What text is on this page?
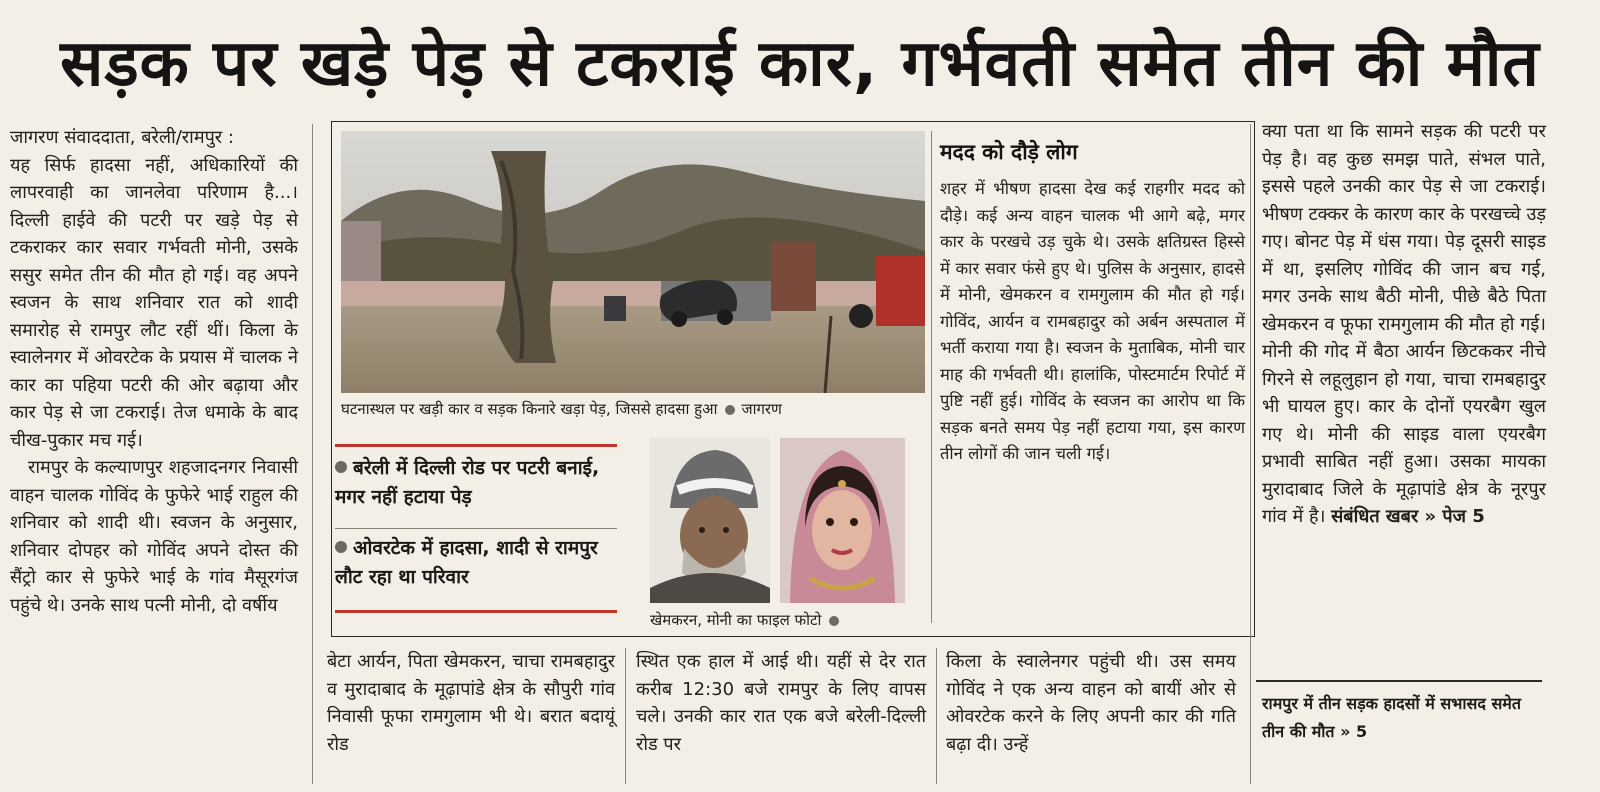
सड़क पर खड़े पेड़ से टकराई कार, गर्भवती समेत तीन की मौत

जागरण संवाददाता, बरेली/रामपुर :

यह सिर्फ हादसा नहीं, अधिकारियों की लापरवाही का जानलेवा परिणाम है...। दिल्ली हाईवे की पटरी पर खड़े पेड़ से टकराकर कार सवार गर्भवती मोनी, उसके ससुर समेत तीन की मौत हो गई। वह अपने स्वजन के साथ शनिवार रात को शादी समारोह से रामपुर लौट रहीं थीं। किला के स्वालेनगर में ओवरटेक के प्रयास में चालक ने कार का पहिया पटरी की ओर बढ़ाया और कार पेड़ से जा टकराई। तेज धमाके के बाद चीख-पुकार मच गई।

रामपुर के कल्याणपुर शहजादनगर निवासी वाहन चालक गोविंद के फुफेरे भाई राहुल की शनिवार को शादी थी। स्वजन के अनुसार, शनिवार दोपहर को गोविंद अपने दोस्त की सैंट्रो कार से फुफेरे भाई के गांव मैसूरगंज पहुंचे थे। उनके साथ पत्नी मोनी, दो वर्षीय

घटनास्थल पर खड़ी कार व सड़क किनारे खड़ा पेड़, जिससे हादसा हुआ जागरण
मदद को दौड़े लोग
शहर में भीषण हादसा देख कई राहगीर मदद को दौड़े। कई अन्य वाहन चालक भी आगे बढ़े, मगर कार के परखचे उड़ चुके थे। उसके क्षतिग्रस्त हिस्से में कार सवार फंसे हुए थे। पुलिस के अनुसार, हादसे में मोनी, खेमकरन व रामगुलाम की मौत हो गई। गोविंद, आर्यन व रामबहादुर को अर्बन अस्पताल में भर्ती कराया गया है। स्वजन के मुताबिक, मोनी चार माह की गर्भवती थी। हालांकि, पोस्टमार्टम रिपोर्ट में पुष्टि नहीं हुई। गोविंद के स्वजन का आरोप था कि सड़क बनते समय पेड़ नहीं हटाया गया, इस कारण तीन लोगों की जान चली गई।
बरेली में दिल्ली रोड पर पटरी बनाई, मगर नहीं हटाया पेड़
ओवरटेक में हादसा, शादी से रामपुर लौट रहा था परिवार
खेमकरन, मोनी का फाइल फोटो

बेटा आर्यन, पिता खेमकरन, चाचा रामबहादुर व मुरादाबाद के मूढ़ापांडे क्षेत्र के सौपुरी गांव निवासी फूफा रामगुलाम भी थे। बरात बदायूं रोड

स्थित एक हाल में आई थी। यहीं से देर रात करीब 12:30 बजे रामपुर के लिए वापस चले। उनकी कार रात एक बजे बरेली-दिल्ली रोड पर

किला के स्वालेनगर पहुंची थी। उस समय गोविंद ने एक अन्य वाहन को बायीं ओर से ओवरटेक करने के लिए अपनी कार की गति बढ़ा दी। उन्हें

क्या पता था कि सामने सड़क की पटरी पर पेड़ है। वह कुछ समझ पाते, संभल पाते, इससे पहले उनकी कार पेड़ से जा टकराई। भीषण टक्कर के कारण कार के परखच्चे उड़ गए। बोनट पेड़ में धंस गया। पेड़ दूसरी साइड में था, इसलिए गोविंद की जान बच गई, मगर उनके साथ बैठी मोनी, पीछे बैठे पिता खेमकरन व फूफा रामगुलाम की मौत हो गई। मोनी की गोद में बैठा आर्यन छिटककर नीचे गिरने से लहूलुहान हो गया, चाचा रामबहादुर भी घायल हुए। कार के दोनों एयरबैग खुल गए थे। मोनी की साइड वाला एयरबैग प्रभावी साबित नहीं हुआ। उसका मायका मुरादाबाद जिले के मूढ़ापांडे क्षेत्र के नूरपुर गांव में है। संबंधित खबर » पेज 5

रामपुर में तीन सड़क हादसों में सभासद समेत तीन की मौत » 5
